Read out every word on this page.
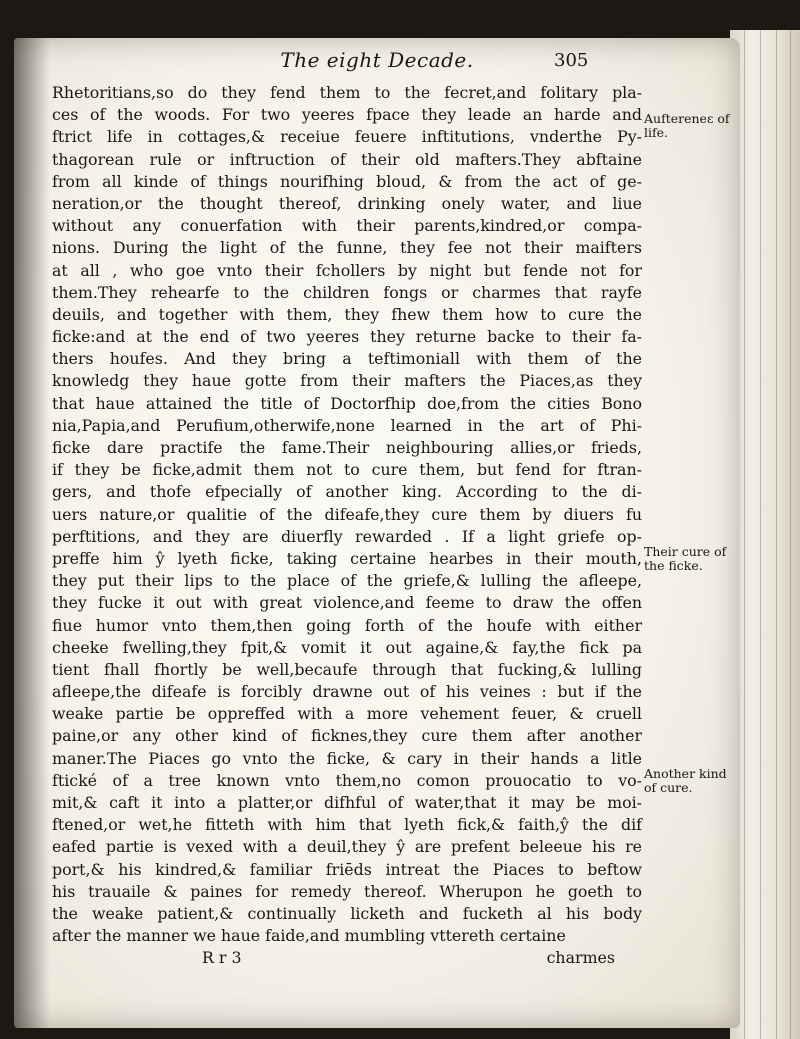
The eight Decade.	305
Rhetoritians,so do they fend them to the fecret,and folitary pla-
ces of the woods. For two yeeres fpace they leade an harde and
ftrict life in cottages,& receiue feuere inftitutions, vnderthe Py-
thagorean rule or inftruction of their old mafters.They abftaine
from all kinde of things nourifhing bloud, & from the act of ge-
neration,or the thought thereof, drinking onely water, and liue
without any conuerfation with their parents,kindred,or compa-
nions. During the light of the funne, they fee not their maifters
at all , who goe vnto their fchollers by night but fende not for
them.They rehearfe to the children fongs or charmes that rayfe
deuils, and together with them, they fhew them how to cure the
ficke:and at the end of two yeeres they returne backe to their fa-
thers houfes. And they bring a teftimoniall with them of the
knowledg they haue gotte from their mafters the Piaces,as they
that haue attained the title of Doctorfhip doe,from the cities Bono
nia,Papia,and Perufium,otherwife,none learned in the art of Phi-
ficke dare practife the fame.Their neighbouring allies,or frieds,
if they be ficke,admit them not to cure them, but fend for ftran-
gers, and thofe efpecially of another king. According to the di-
uers nature,or qualitie of the difeafe,they cure them by diuers fu
perftitions, and they are diuerfly rewarded . If a light griefe op-
preffe him ŷ lyeth ficke, taking certaine hearbes in their mouth,
they put their lips to the place of the griefe,& lulling the afleepe,
they fucke it out with great violence,and feeme to draw the offen
fiue humor vnto them,then going forth of the houfe with either
cheeke fwelling,they fpit,& vomit it out againe,& fay,the fick pa
tient fhall fhortly be well,becaufe through that fucking,& lulling
afleepe,the difeafe is forcibly drawne out of his veines : but if the
weake partie be oppreffed with a more vehement feuer, & cruell
paine,or any other kind of ficknes,they cure them after another
maner.The Piaces go vnto the ficke, & cary in their hands a litle
ftické of a tree known vnto them,no comon prouocatio to vo-
mit,& caft it into a platter,or difhful of water,that it may be moi-
ftened,or wet,he fitteth with him that lyeth fick,& faith,ŷ the dif
eafed partie is vexed with a deuil,they ŷ are prefent beleeue his re
port,& his kindred,& familiar friēds intreat the Piaces to beftow
his trauaile & paines for remedy thereof. Wherupon he goeth to
the weake patient,& continually licketh and fucketh al his body
after the manner we haue faide,and mumbling vttereth certaine
R r 3	charmes
Auftereneε of life.
Their cure of the ficke.
Another kind of cure.
